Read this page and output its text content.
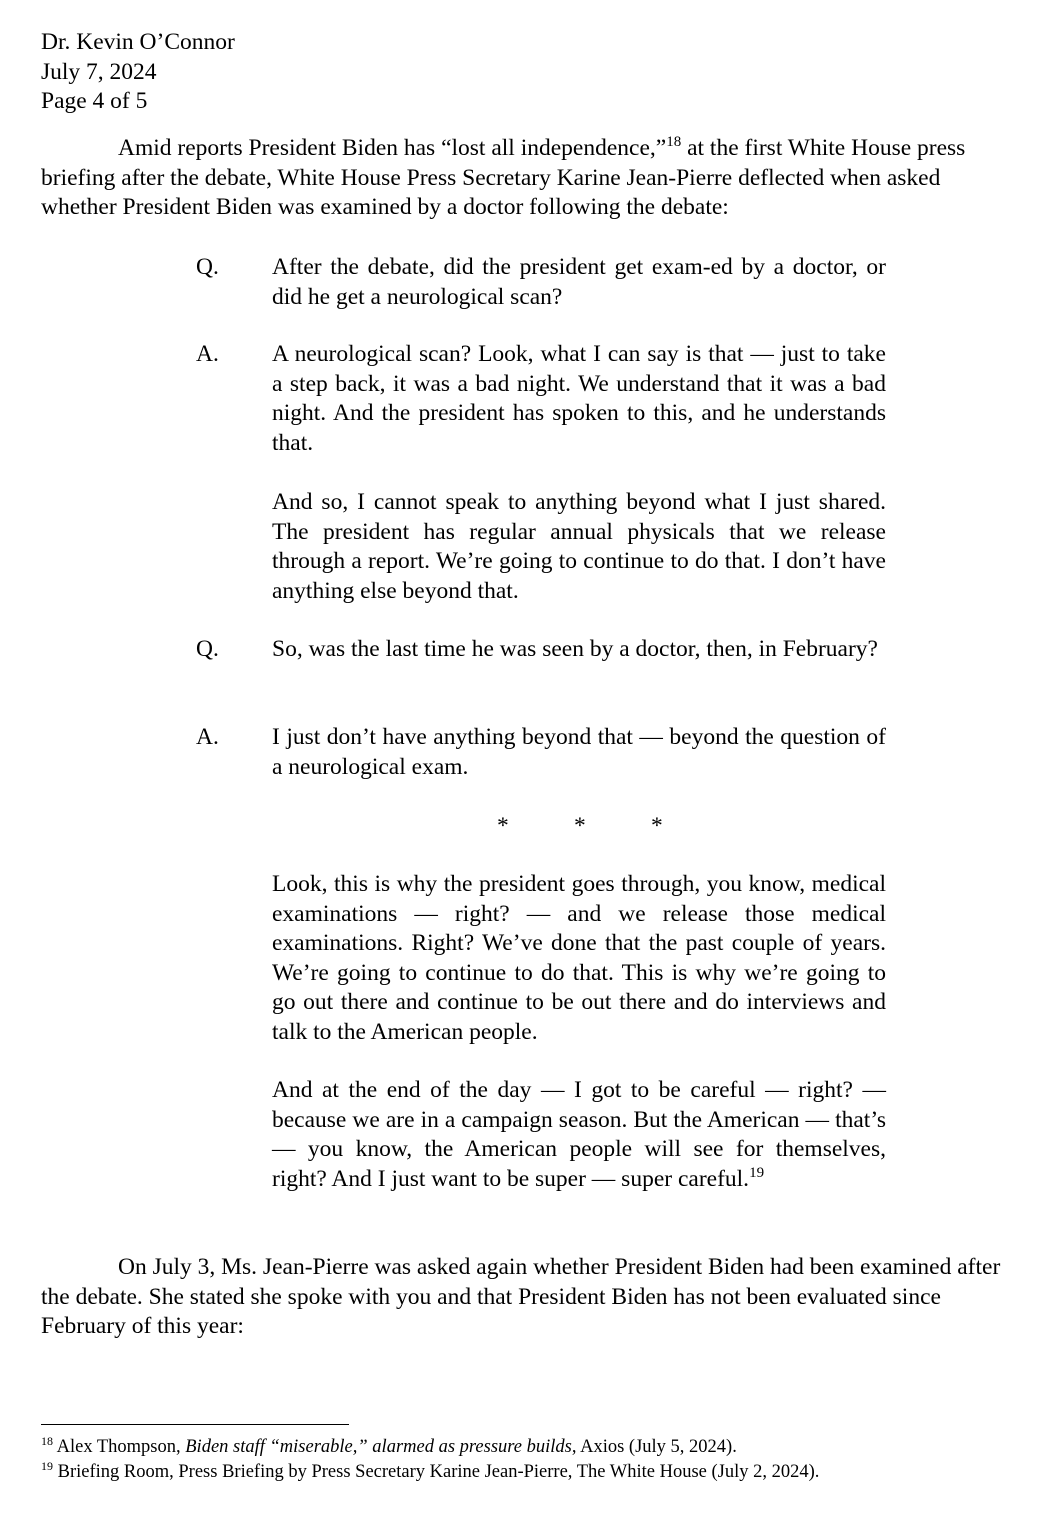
Dr. Kevin O’Connor
July 7, 2024
Page 4 of 5
Amid reports President Biden has “lost all independence,”$^{18}$ at the first White House press briefing after the debate, White House Press Secretary Karine Jean-Pierre deflected when asked whether President Biden was examined by a doctor following the debate:
Q. After the debate, did the president get exam-ed by a doctor, or did he get a neurological scan?
A. A neurological scan? Look, what I can say is that — just to take a step back, it was a bad night. We understand that it was a bad night. And the president has spoken to this, and he understands that.
And so, I cannot speak to anything beyond what I just shared. The president has regular annual physicals that we release through a report. We’re going to continue to do that. I don’t have anything else beyond that.
Q. So, was the last time he was seen by a doctor, then, in February?
A. I just don’t have anything beyond that — beyond the question of a neurological exam.
*	*	*
Look, this is why the president goes through, you know, medical examinations — right? — and we release those medical examinations. Right? We’ve done that the past couple of years. We’re going to continue to do that. This is why we’re going to go out there and continue to be out there and do interviews and talk to the American people.
And at the end of the day — I got to be careful — right? — because we are in a campaign season. But the American — that’s — you know, the American people will see for themselves, right? And I just want to be super — super careful.$^{19}$
On July 3, Ms. Jean-Pierre was asked again whether President Biden had been examined after the debate. She stated she spoke with you and that President Biden has not been evaluated since February of this year:
$^{18}$ Alex Thompson, Biden staff “miserable,” alarmed as pressure builds, Axios (July 5, 2024).
$^{19}$ Briefing Room, Press Briefing by Press Secretary Karine Jean-Pierre, The White House (July 2, 2024).
